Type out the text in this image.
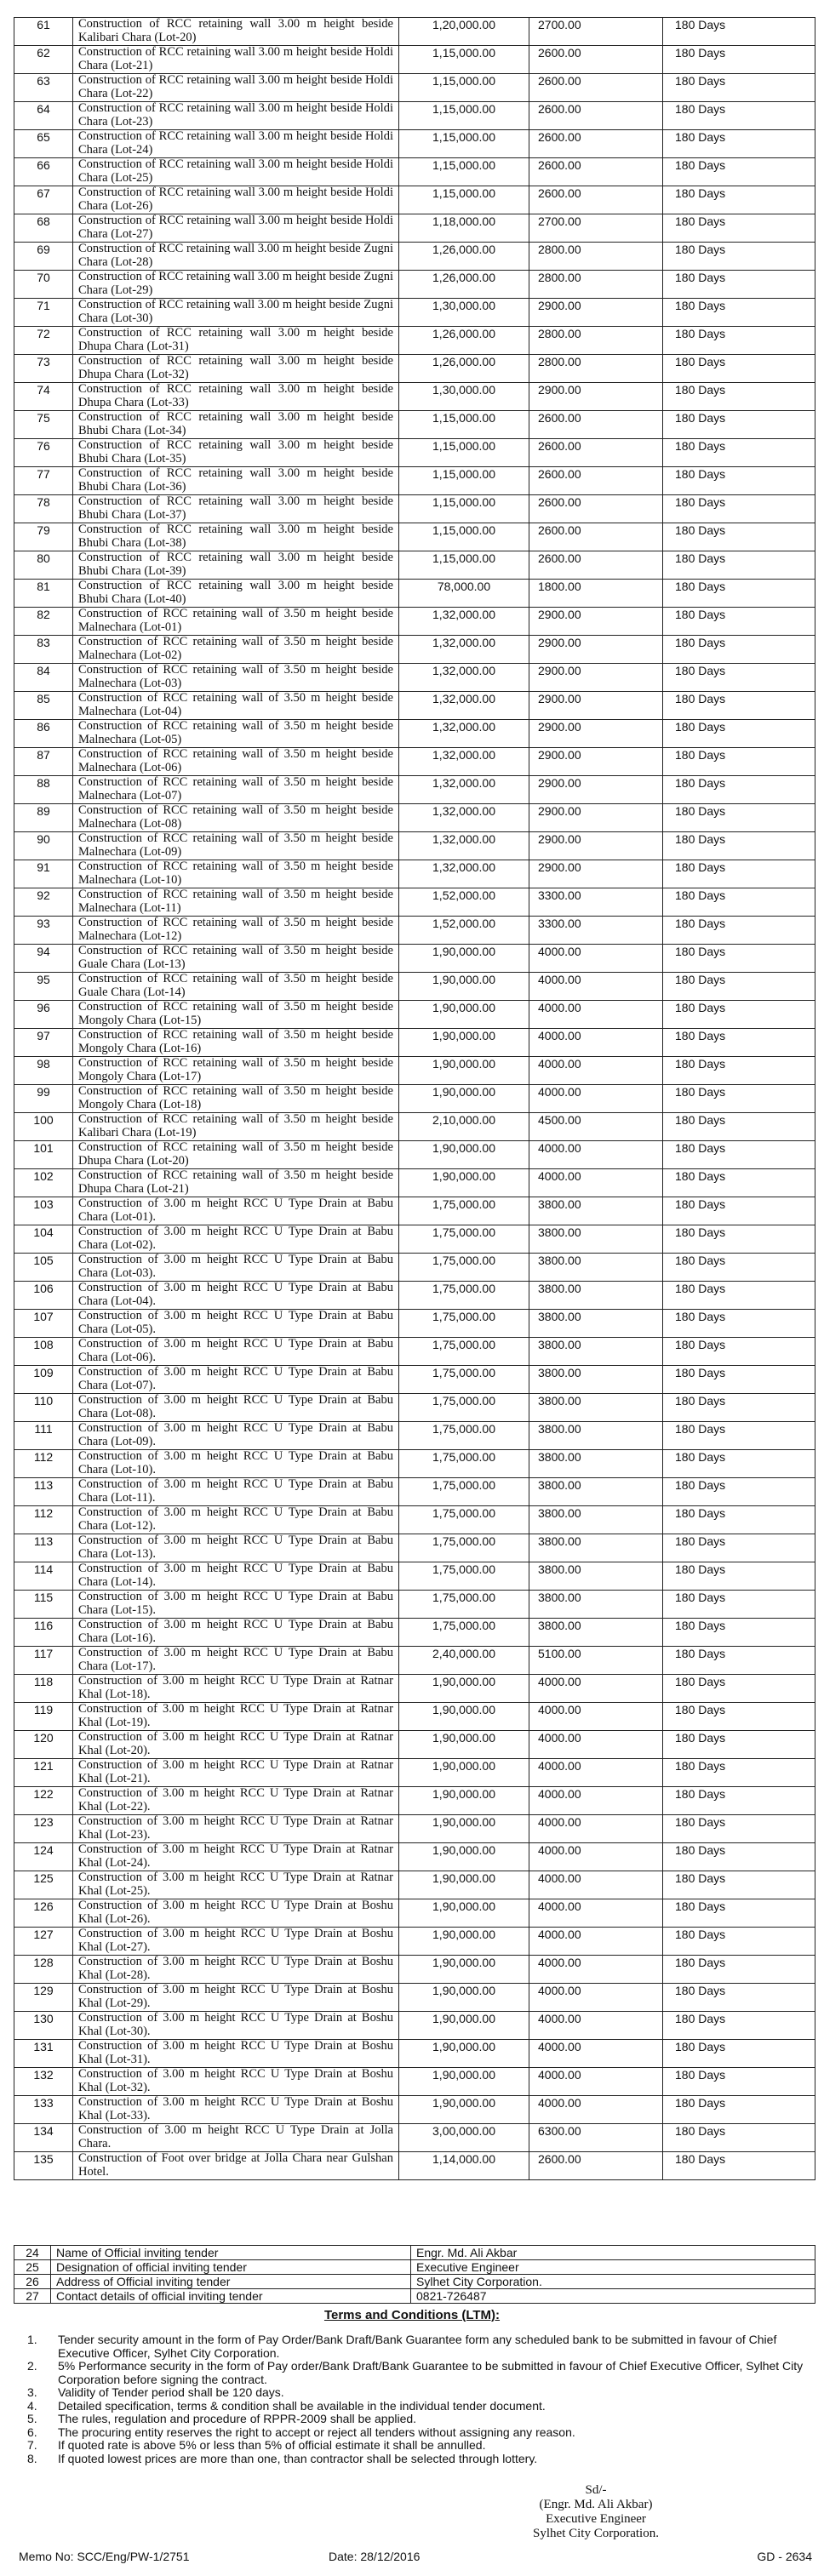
61	Construction of RCC retaining wall 3.00 m height beside Kalibari Chara (Lot-20)	1,20,000.00	2700.00	180 Days
62	Construction of RCC retaining wall 3.00 m height beside Holdi Chara (Lot-21)	1,15,000.00	2600.00	180 Days
63	Construction of RCC retaining wall 3.00 m height beside Holdi Chara (Lot-22)	1,15,000.00	2600.00	180 Days
64	Construction of RCC retaining wall 3.00 m height beside Holdi Chara (Lot-23)	1,15,000.00	2600.00	180 Days
65	Construction of RCC retaining wall 3.00 m height beside Holdi Chara (Lot-24)	1,15,000.00	2600.00	180 Days
66	Construction of RCC retaining wall 3.00 m height beside Holdi Chara (Lot-25)	1,15,000.00	2600.00	180 Days
67	Construction of RCC retaining wall 3.00 m height beside Holdi Chara (Lot-26)	1,15,000.00	2600.00	180 Days
68	Construction of RCC retaining wall 3.00 m height beside Holdi Chara (Lot-27)	1,18,000.00	2700.00	180 Days
69	Construction of RCC retaining wall 3.00 m height beside Zugni Chara (Lot-28)	1,26,000.00	2800.00	180 Days
70	Construction of RCC retaining wall 3.00 m height beside Zugni Chara (Lot-29)	1,26,000.00	2800.00	180 Days
71	Construction of RCC retaining wall 3.00 m height beside Zugni Chara (Lot-30)	1,30,000.00	2900.00	180 Days
72	Construction of RCC retaining wall 3.00 m height beside Dhupa Chara (Lot-31)	1,26,000.00	2800.00	180 Days
73	Construction of RCC retaining wall 3.00 m height beside Dhupa Chara (Lot-32)	1,26,000.00	2800.00	180 Days
74	Construction of RCC retaining wall 3.00 m height beside Dhupa Chara (Lot-33)	1,30,000.00	2900.00	180 Days
75	Construction of RCC retaining wall 3.00 m height beside Bhubi Chara (Lot-34)	1,15,000.00	2600.00	180 Days
76	Construction of RCC retaining wall 3.00 m height beside Bhubi Chara (Lot-35)	1,15,000.00	2600.00	180 Days
77	Construction of RCC retaining wall 3.00 m height beside Bhubi Chara (Lot-36)	1,15,000.00	2600.00	180 Days
78	Construction of RCC retaining wall 3.00 m height beside Bhubi Chara (Lot-37)	1,15,000.00	2600.00	180 Days
79	Construction of RCC retaining wall 3.00 m height beside Bhubi Chara (Lot-38)	1,15,000.00	2600.00	180 Days
80	Construction of RCC retaining wall 3.00 m height beside Bhubi Chara (Lot-39)	1,15,000.00	2600.00	180 Days
81	Construction of RCC retaining wall 3.00 m height beside Bhubi Chara (Lot-40)	78,000.00	1800.00	180 Days
82	Construction of RCC retaining wall of 3.50 m height beside Malnechara (Lot-01)	1,32,000.00	2900.00	180 Days
83	Construction of RCC retaining wall of 3.50 m height beside Malnechara (Lot-02)	1,32,000.00	2900.00	180 Days
84	Construction of RCC retaining wall of 3.50 m height beside Malnechara (Lot-03)	1,32,000.00	2900.00	180 Days
85	Construction of RCC retaining wall of 3.50 m height beside Malnechara (Lot-04)	1,32,000.00	2900.00	180 Days
86	Construction of RCC retaining wall of 3.50 m height beside Malnechara (Lot-05)	1,32,000.00	2900.00	180 Days
87	Construction of RCC retaining wall of 3.50 m height beside Malnechara (Lot-06)	1,32,000.00	2900.00	180 Days
88	Construction of RCC retaining wall of 3.50 m height beside Malnechara (Lot-07)	1,32,000.00	2900.00	180 Days
89	Construction of RCC retaining wall of 3.50 m height beside Malnechara (Lot-08)	1,32,000.00	2900.00	180 Days
90	Construction of RCC retaining wall of 3.50 m height beside Malnechara (Lot-09)	1,32,000.00	2900.00	180 Days
91	Construction of RCC retaining wall of 3.50 m height beside Malnechara (Lot-10)	1,32,000.00	2900.00	180 Days
92	Construction of RCC retaining wall of 3.50 m height beside Malnechara (Lot-11)	1,52,000.00	3300.00	180 Days
93	Construction of RCC retaining wall of 3.50 m height beside Malnechara (Lot-12)	1,52,000.00	3300.00	180 Days
94	Construction of RCC retaining wall of 3.50 m height beside Guale Chara (Lot-13)	1,90,000.00	4000.00	180 Days
95	Construction of RCC retaining wall of 3.50 m height beside Guale Chara (Lot-14)	1,90,000.00	4000.00	180 Days
96	Construction of RCC retaining wall of 3.50 m height beside Mongoly Chara (Lot-15)	1,90,000.00	4000.00	180 Days
97	Construction of RCC retaining wall of 3.50 m height beside Mongoly Chara (Lot-16)	1,90,000.00	4000.00	180 Days
98	Construction of RCC retaining wall of 3.50 m height beside Mongoly Chara (Lot-17)	1,90,000.00	4000.00	180 Days
99	Construction of RCC retaining wall of 3.50 m height beside Mongoly Chara (Lot-18)	1,90,000.00	4000.00	180 Days
100	Construction of RCC retaining wall of 3.50 m height beside Kalibari Chara (Lot-19)	2,10,000.00	4500.00	180 Days
101	Construction of RCC retaining wall of 3.50 m height beside Dhupa Chara (Lot-20)	1,90,000.00	4000.00	180 Days
102	Construction of RCC retaining wall of 3.50 m height beside Dhupa Chara (Lot-21)	1,90,000.00	4000.00	180 Days
103	Construction of 3.00 m height RCC U Type Drain at Babu Chara (Lot-01).	1,75,000.00	3800.00	180 Days
104	Construction of 3.00 m height RCC U Type Drain at Babu Chara (Lot-02).	1,75,000.00	3800.00	180 Days
105	Construction of 3.00 m height RCC U Type Drain at Babu Chara (Lot-03).	1,75,000.00	3800.00	180 Days
106	Construction of 3.00 m height RCC U Type Drain at Babu Chara (Lot-04).	1,75,000.00	3800.00	180 Days
107	Construction of 3.00 m height RCC U Type Drain at Babu Chara (Lot-05).	1,75,000.00	3800.00	180 Days
108	Construction of 3.00 m height RCC U Type Drain at Babu Chara (Lot-06).	1,75,000.00	3800.00	180 Days
109	Construction of 3.00 m height RCC U Type Drain at Babu Chara (Lot-07).	1,75,000.00	3800.00	180 Days
110	Construction of 3.00 m height RCC U Type Drain at Babu Chara (Lot-08).	1,75,000.00	3800.00	180 Days
111	Construction of 3.00 m height RCC U Type Drain at Babu Chara (Lot-09).	1,75,000.00	3800.00	180 Days
112	Construction of 3.00 m height RCC U Type Drain at Babu Chara (Lot-10).	1,75,000.00	3800.00	180 Days
113	Construction of 3.00 m height RCC U Type Drain at Babu Chara (Lot-11).	1,75,000.00	3800.00	180 Days
112	Construction of 3.00 m height RCC U Type Drain at Babu Chara (Lot-12).	1,75,000.00	3800.00	180 Days
113	Construction of 3.00 m height RCC U Type Drain at Babu Chara (Lot-13).	1,75,000.00	3800.00	180 Days
114	Construction of 3.00 m height RCC U Type Drain at Babu Chara (Lot-14).	1,75,000.00	3800.00	180 Days
115	Construction of 3.00 m height RCC U Type Drain at Babu Chara (Lot-15).	1,75,000.00	3800.00	180 Days
116	Construction of 3.00 m height RCC U Type Drain at Babu Chara (Lot-16).	1,75,000.00	3800.00	180 Days
117	Construction of 3.00 m height RCC U Type Drain at Babu Chara (Lot-17).	2,40,000.00	5100.00	180 Days
118	Construction of 3.00 m height RCC U Type Drain at Ratnar Khal (Lot-18).	1,90,000.00	4000.00	180 Days
119	Construction of 3.00 m height RCC U Type Drain at Ratnar Khal (Lot-19).	1,90,000.00	4000.00	180 Days
120	Construction of 3.00 m height RCC U Type Drain at Ratnar Khal (Lot-20).	1,90,000.00	4000.00	180 Days
121	Construction of 3.00 m height RCC U Type Drain at Ratnar Khal (Lot-21).	1,90,000.00	4000.00	180 Days
122	Construction of 3.00 m height RCC U Type Drain at Ratnar Khal (Lot-22).	1,90,000.00	4000.00	180 Days
123	Construction of 3.00 m height RCC U Type Drain at Ratnar Khal (Lot-23).	1,90,000.00	4000.00	180 Days
124	Construction of 3.00 m height RCC U Type Drain at Ratnar Khal (Lot-24).	1,90,000.00	4000.00	180 Days
125	Construction of 3.00 m height RCC U Type Drain at Ratnar Khal (Lot-25).	1,90,000.00	4000.00	180 Days
126	Construction of 3.00 m height RCC U Type Drain at Boshu Khal (Lot-26).	1,90,000.00	4000.00	180 Days
127	Construction of 3.00 m height RCC U Type Drain at Boshu Khal (Lot-27).	1,90,000.00	4000.00	180 Days
128	Construction of 3.00 m height RCC U Type Drain at Boshu Khal (Lot-28).	1,90,000.00	4000.00	180 Days
129	Construction of 3.00 m height RCC U Type Drain at Boshu Khal (Lot-29).	1,90,000.00	4000.00	180 Days
130	Construction of 3.00 m height RCC U Type Drain at Boshu Khal (Lot-30).	1,90,000.00	4000.00	180 Days
131	Construction of 3.00 m height RCC U Type Drain at Boshu Khal (Lot-31).	1,90,000.00	4000.00	180 Days
132	Construction of 3.00 m height RCC U Type Drain at Boshu Khal (Lot-32).	1,90,000.00	4000.00	180 Days
133	Construction of 3.00 m height RCC U Type Drain at Boshu Khal (Lot-33).	1,90,000.00	4000.00	180 Days
134	Construction of 3.00 m height RCC U Type Drain at Jolla Chara.	3,00,000.00	6300.00	180 Days
135	Construction of Foot over bridge at Jolla Chara near Gulshan Hotel.	1,14,000.00	2600.00	180 Days
24	Name of Official inviting tender	Engr. Md. Ali Akbar
25	Designation of official inviting tender	Executive Engineer
26	Address of Official inviting tender	Sylhet City Corporation.
27	Contact details of official inviting tender	0821-726487
Terms and Conditions (LTM):
1.	Tender security amount in the form of Pay Order/Bank Draft/Bank Guarantee form any scheduled bank to be submitted in favour of Chief Executive Officer, Sylhet City Corporation.
2.	5% Performance security in the form of Pay order/Bank Draft/Bank Guarantee to be submitted in favour of Chief Executive Officer, Sylhet City Corporation before signing the contract.
3.	Validity of Tender period shall be 120 days.
4.	Detailed specification, terms & condition shall be available in the individual tender document.
5.	The rules, regulation and procedure of RPPR-2009 shall be applied.
6.	The procuring entity reserves the right to accept or reject all tenders without assigning any reason.
7.	If quoted rate is above 5% or less than 5% of official estimate it shall be annulled.
8.	If quoted lowest prices are more than one, than contractor shall be selected through lottery.
Sd/-
(Engr. Md. Ali Akbar)
Executive Engineer
Sylhet City Corporation.
Memo No: SCC/Eng/PW-1/2751	Date: 28/12/2016	GD - 2634
